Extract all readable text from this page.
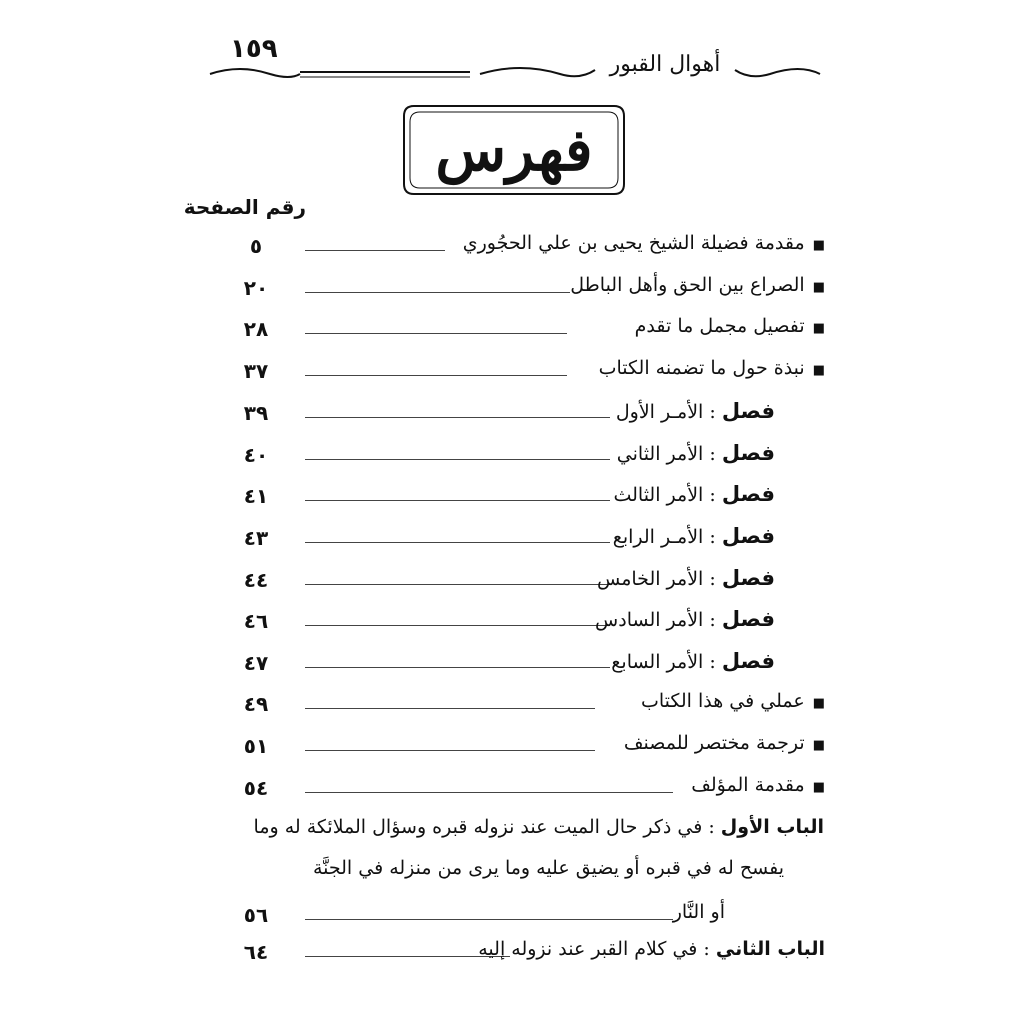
١٥٩
أهوال القبور
فهرس
رقم الصفحة
٥	■مقدمة فضيلة الشيخ يحيى بن علي الحجُوري
٢٠	■الصراع بين الحق وأهل الباطل
٢٨	■تفصيل مجمل ما تقدم
٣٧	■نبذة حول ما تضمنه الكتاب
٣٩	فصل : الأمـر الأول
٤٠	فصل : الأمر الثاني
٤١	فصل : الأمر الثالث
٤٣	فصل : الأمـر الرابع
٤٤	فصل : الأمر الخامس
٤٦	فصل : الأمر السادس
٤٧	فصل : الأمر السابع
٤٩	■عملي في هذا الكتاب
٥١	■ترجمة مختصر للمصنف
٥٤	■مقدمة المؤلف
الباب الأول : في ذكر حال الميت عند نزوله قبره وسؤال الملائكة له وما
يفسح له في قبره أو يضيق عليه وما يرى من منزله في الجنَّة
٥٦	أو النَّار
٦٤	الباب الثاني : في كلام القبر عند نزوله إليه
